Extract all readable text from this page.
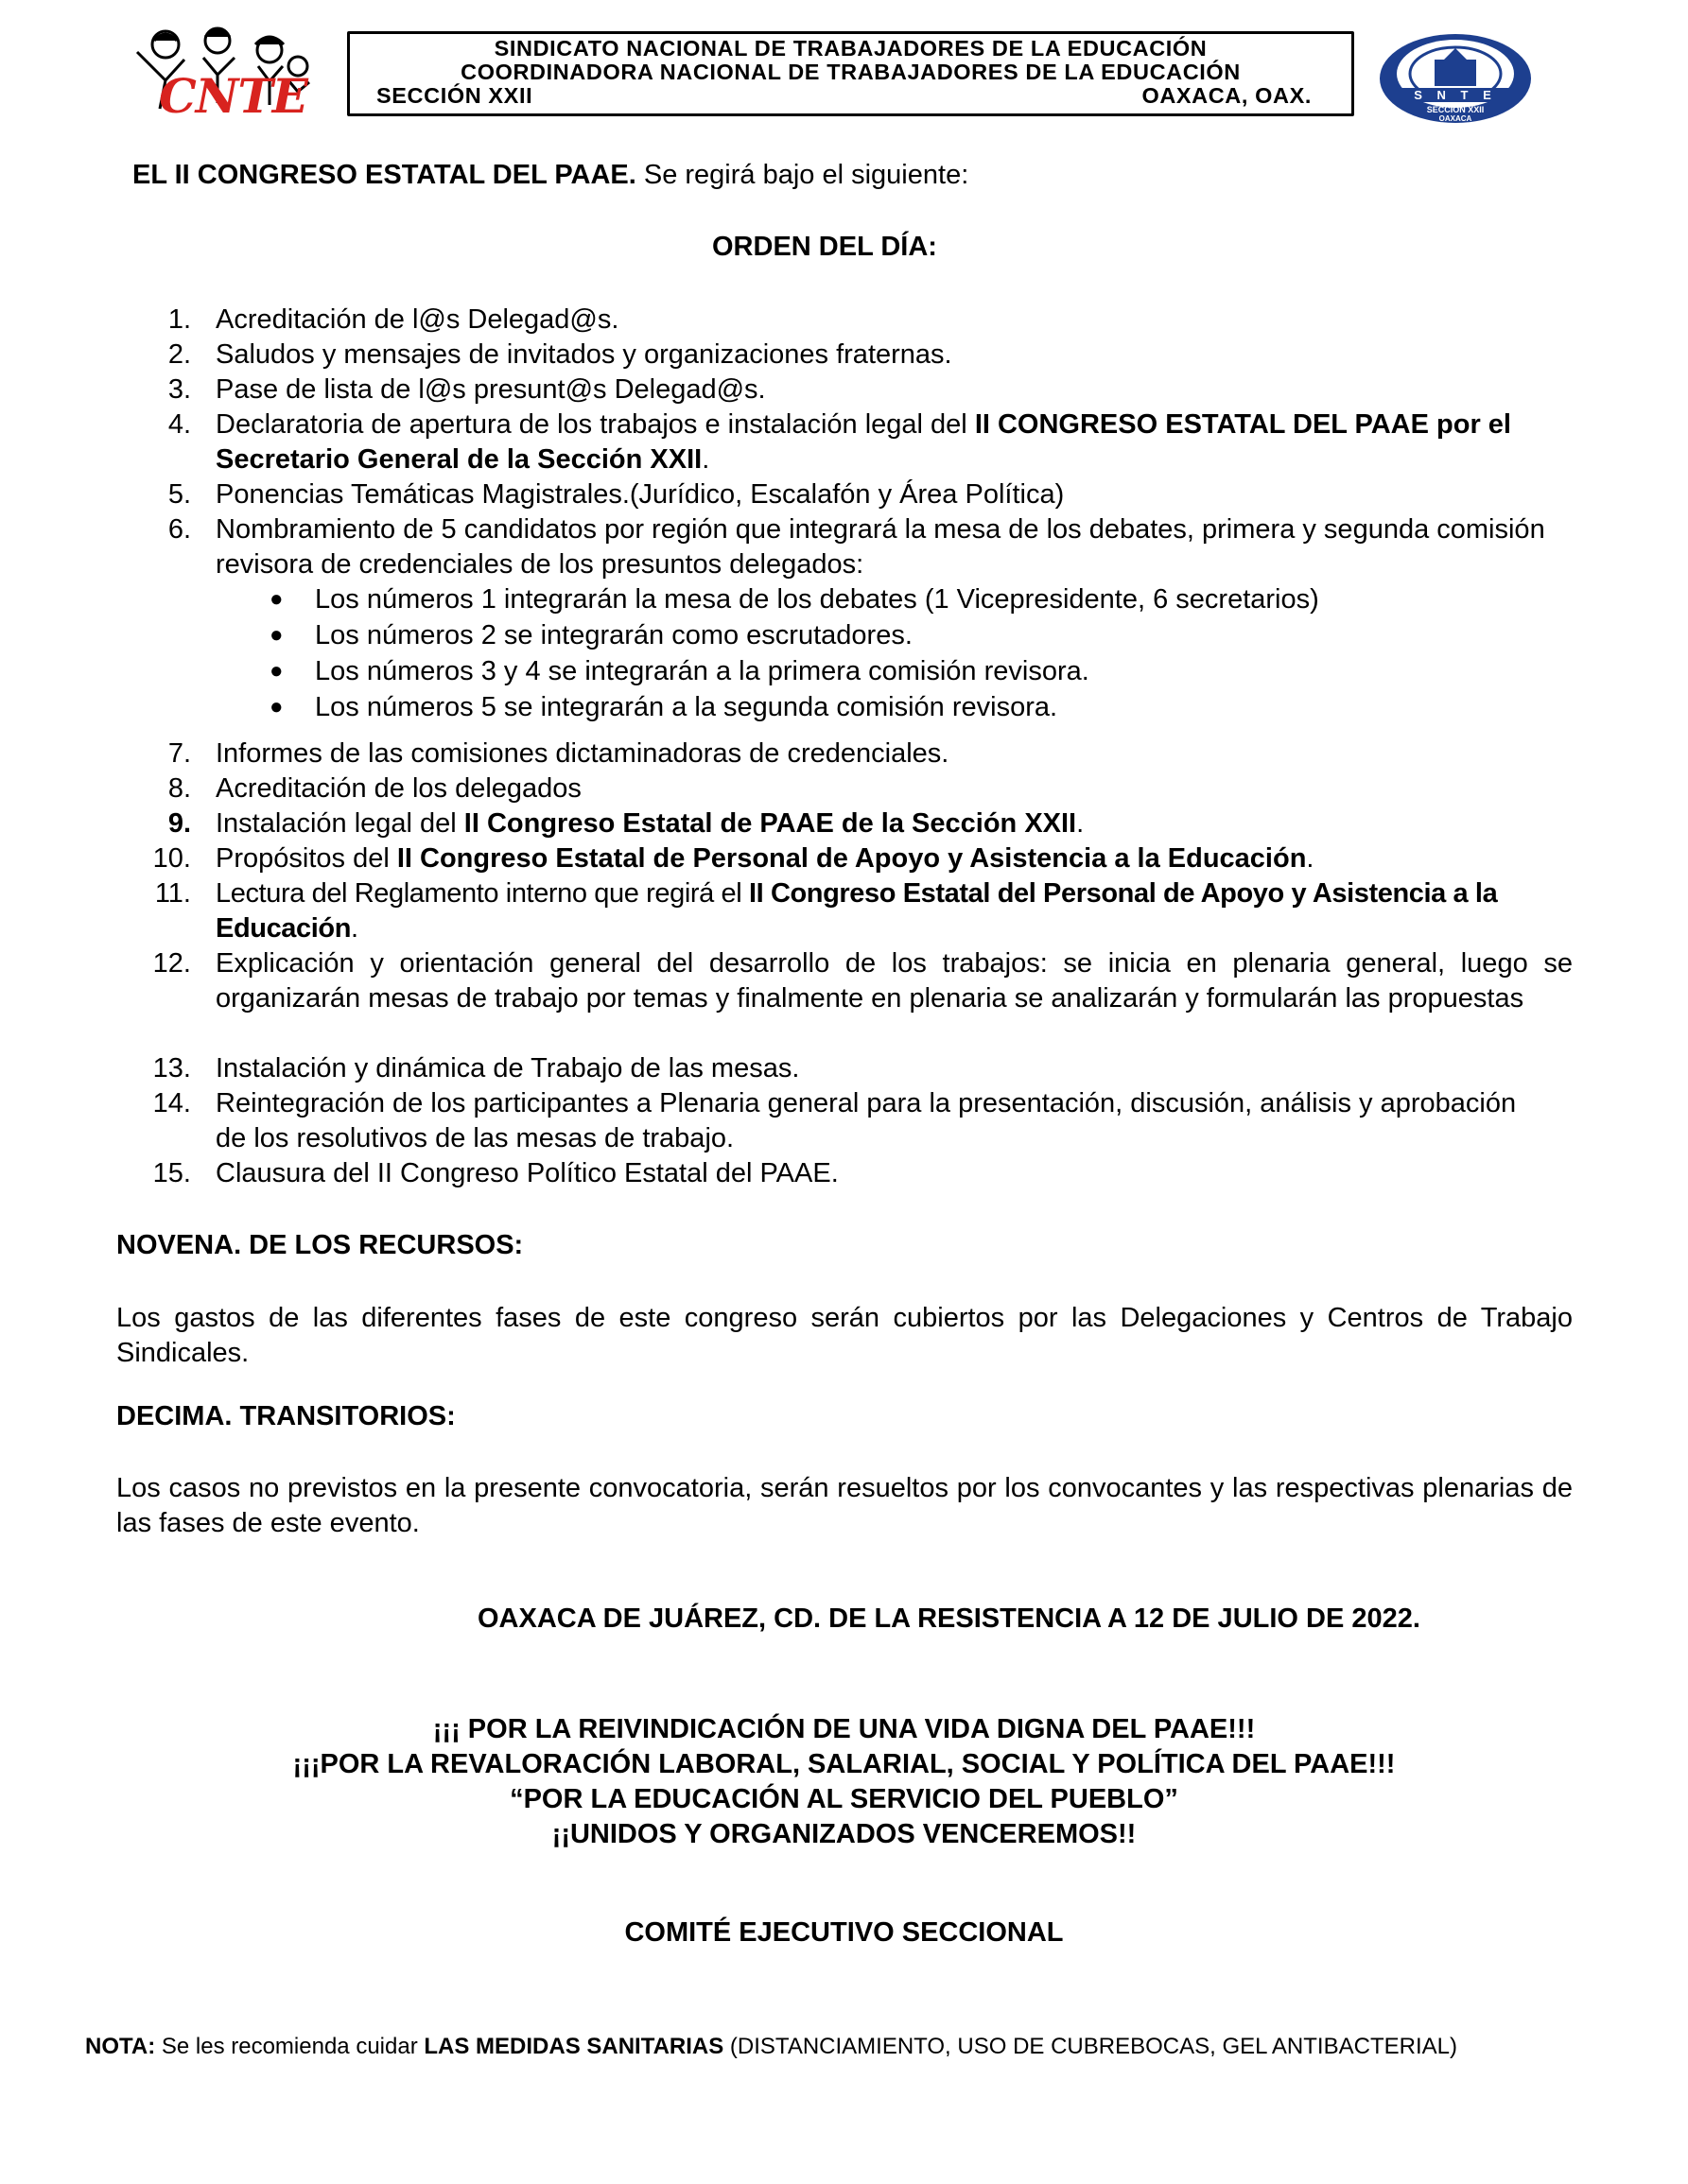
CNTE
SINDICATO NACIONAL DE TRABAJADORES DE LA EDUCACIÓN
COORDINADORA NACIONAL DE TRABAJADORES DE LA EDUCACIÓN
SECCIÓN XXII	OAXACA, OAX.	S N T E
SECCION XXII
OAXACA
EL II CONGRESO ESTATAL DEL PAAE. Se regirá bajo el siguiente:
ORDEN DEL DÍA:
1. Acreditación de l@s Delegad@s.
2. Saludos y mensajes de invitados y organizaciones fraternas.
3. Pase de lista de l@s presunt@s Delegad@s.
4. Declaratoria de apertura de los trabajos e instalación legal del II CONGRESO ESTATAL DEL PAAE por el Secretario General de la Sección XXII.
5. Ponencias Temáticas Magistrales.(Jurídico, Escalafón y Área Política)
6. Nombramiento de 5 candidatos por región que integrará la mesa de los debates, primera y segunda comisión revisora de credenciales de los presuntos delegados:
● Los números 1 integrarán la mesa de los debates (1 Vicepresidente, 6 secretarios)
● Los números 2 se integrarán como escrutadores.
● Los números 3 y 4 se integrarán a la primera comisión revisora.
● Los números 5 se integrarán a la segunda comisión revisora.
7. Informes de las comisiones dictaminadoras de credenciales.
8. Acreditación de los delegados
9. Instalación legal del II Congreso Estatal de PAAE de la Sección XXII.
10. Propósitos del II Congreso Estatal de Personal de Apoyo y Asistencia a la Educación.
11. Lectura del Reglamento interno que regirá el II Congreso Estatal del Personal de Apoyo y Asistencia a la Educación.
12. Explicación y orientación general del desarrollo de los trabajos: se inicia en plenaria general, luego se organizarán mesas de trabajo por temas y finalmente en plenaria se analizarán y formularán las propuestas
13. Instalación y dinámica de Trabajo de las mesas.
14. Reintegración de los participantes a Plenaria general para la presentación, discusión, análisis y aprobación de los resolutivos de las mesas de trabajo.
15. Clausura del II Congreso Político Estatal del PAAE.
NOVENA. DE LOS RECURSOS:
Los gastos de las diferentes fases de este congreso serán cubiertos por las Delegaciones y Centros de Trabajo Sindicales.
DECIMA. TRANSITORIOS:
Los casos no previstos en la presente convocatoria, serán resueltos por los convocantes y las respectivas plenarias de las fases de este evento.
OAXACA DE JUÁREZ, CD. DE LA RESISTENCIA A 12 DE JULIO DE 2022.
¡¡¡ POR LA REIVINDICACIÓN DE UNA VIDA DIGNA DEL PAAE!!!
¡¡¡POR LA REVALORACIÓN LABORAL, SALARIAL, SOCIAL Y POLÍTICA DEL PAAE!!!
“POR LA EDUCACIÓN AL SERVICIO DEL PUEBLO”
¡¡UNIDOS Y ORGANIZADOS VENCEREMOS!!
COMITÉ EJECUTIVO SECCIONAL
NOTA: Se les recomienda cuidar LAS MEDIDAS SANITARIAS (DISTANCIAMIENTO, USO DE CUBREBOCAS, GEL ANTIBACTERIAL)
